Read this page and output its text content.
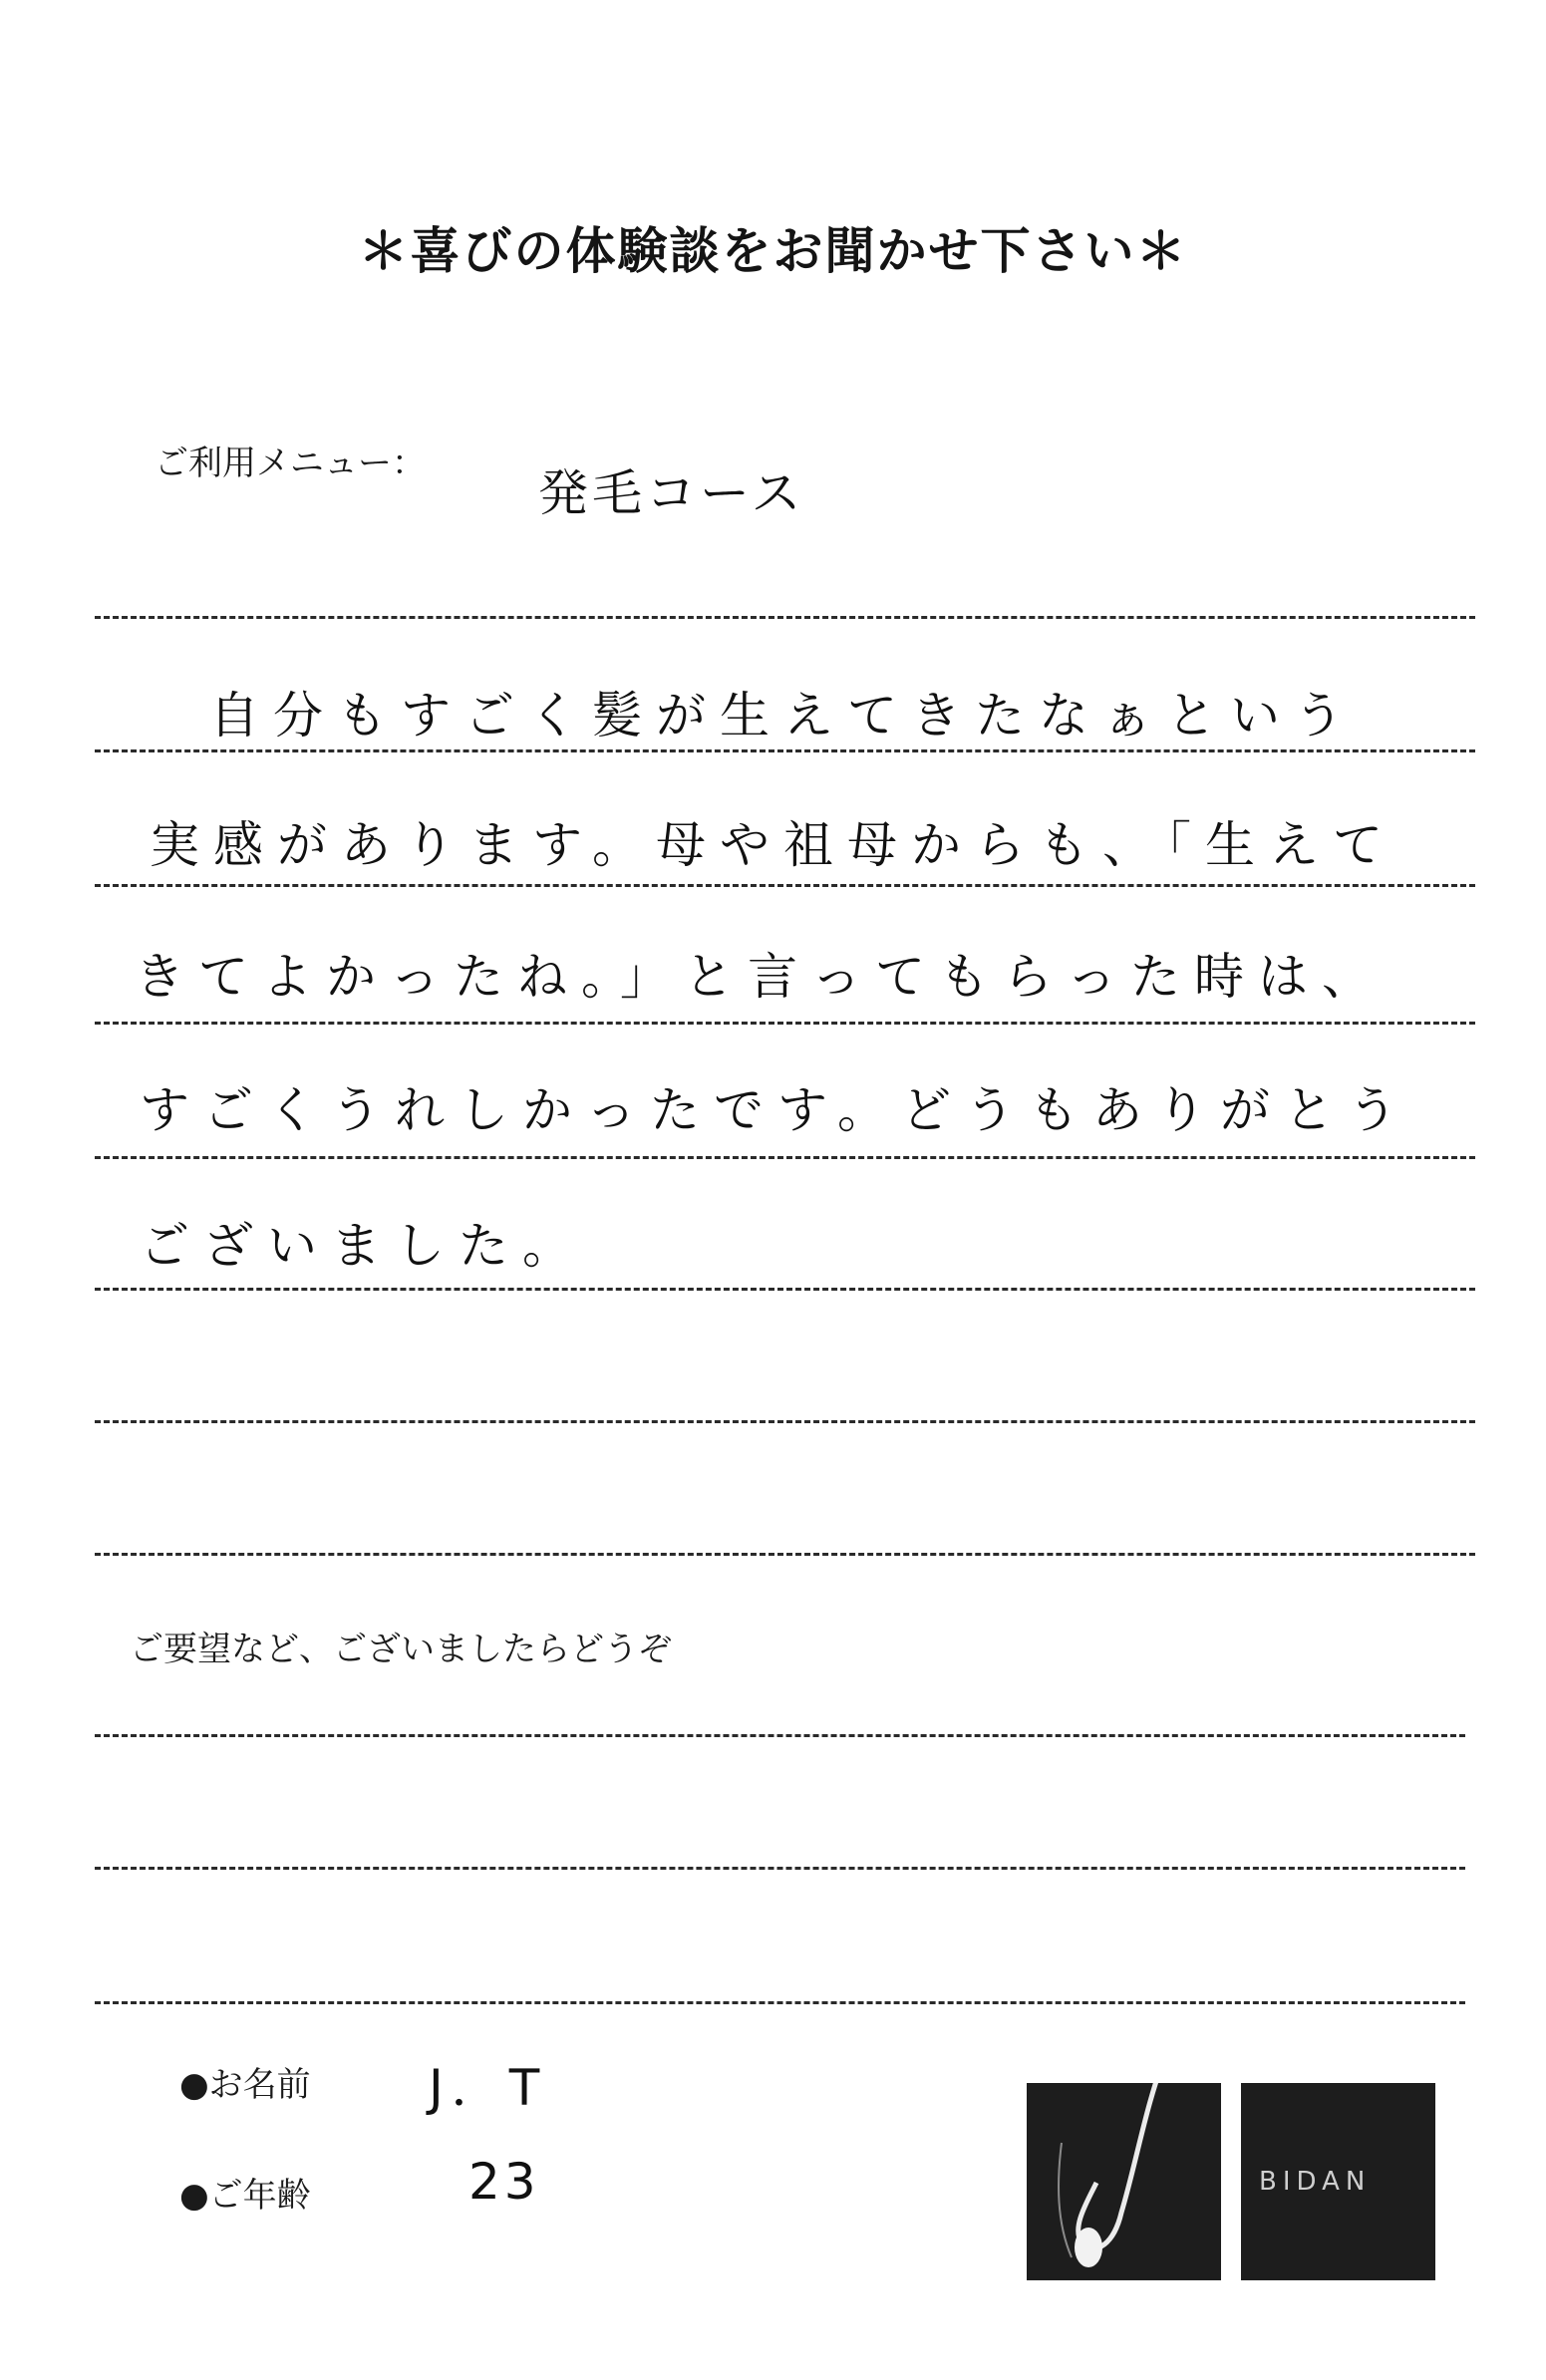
＊喜びの体験談をお聞かせ下さい＊
ご利用メニュー：
発毛コース
自分もすごく髪が生えてきたなぁという
実感があります。母や祖母からも、「生えて
きてよかったね。」と言ってもらった時は、
すごくうれしかったです。どうもありがとう
ございました。
ご要望など、ございましたらどうぞ
●お名前 J．T
●ご年齢	23	BIDAN
